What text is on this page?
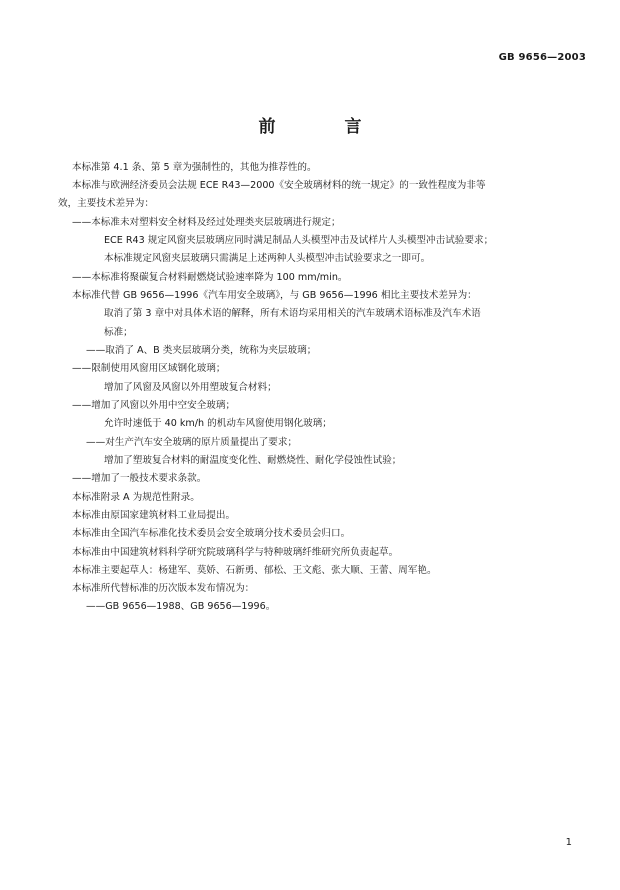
GB 9656—2003
前　言
本标准第 4.1 条、第 5 章为强制性的，其他为推荐性的。
本标准与欧洲经济委员会法规 ECE R43—2000《安全玻璃材料的统一规定》的一致性程度为非等
效，主要技术差异为：
——本标准未对塑料安全材料及经过处理类夹层玻璃进行规定；
ECE R43 规定风窗夹层玻璃应同时满足制品人头模型冲击及试样片人头模型冲击试验要求；
本标准规定风窗夹层玻璃只需满足上述两种人头模型冲击试验要求之一即可。
——本标准将聚碳复合材料耐燃烧试验速率降为 100 mm/min。
本标准代替 GB 9656—1996《汽车用安全玻璃》，与 GB 9656—1996 相比主要技术差异为：
取消了第 3 章中对具体术语的解释，所有术语均采用相关的汽车玻璃术语标准及汽车术语
标准；
——取消了 A、B 类夹层玻璃分类，统称为夹层玻璃；
——限制使用风窗用区域钢化玻璃；
增加了风窗及风窗以外用塑玻复合材料；
——增加了风窗以外用中空安全玻璃；
允许时速低于 40 km/h 的机动车风窗使用钢化玻璃；
——对生产汽车安全玻璃的原片质量提出了要求；
增加了塑玻复合材料的耐温度变化性、耐燃烧性、耐化学侵蚀性试验；
——增加了一般技术要求条款。
本标准附录 A 为规范性附录。
本标准由原国家建筑材料工业局提出。
本标准由全国汽车标准化技术委员会安全玻璃分技术委员会归口。
本标准由中国建筑材料科学研究院玻璃科学与特种玻璃纤维研究所负责起草。
本标准主要起草人：杨建军、莫娇、石新勇、郁松、王文彪、张大顺、王蕾、周军艳。
本标准所代替标准的历次版本发布情况为：
——GB 9656—1988、GB 9656—1996。
1
